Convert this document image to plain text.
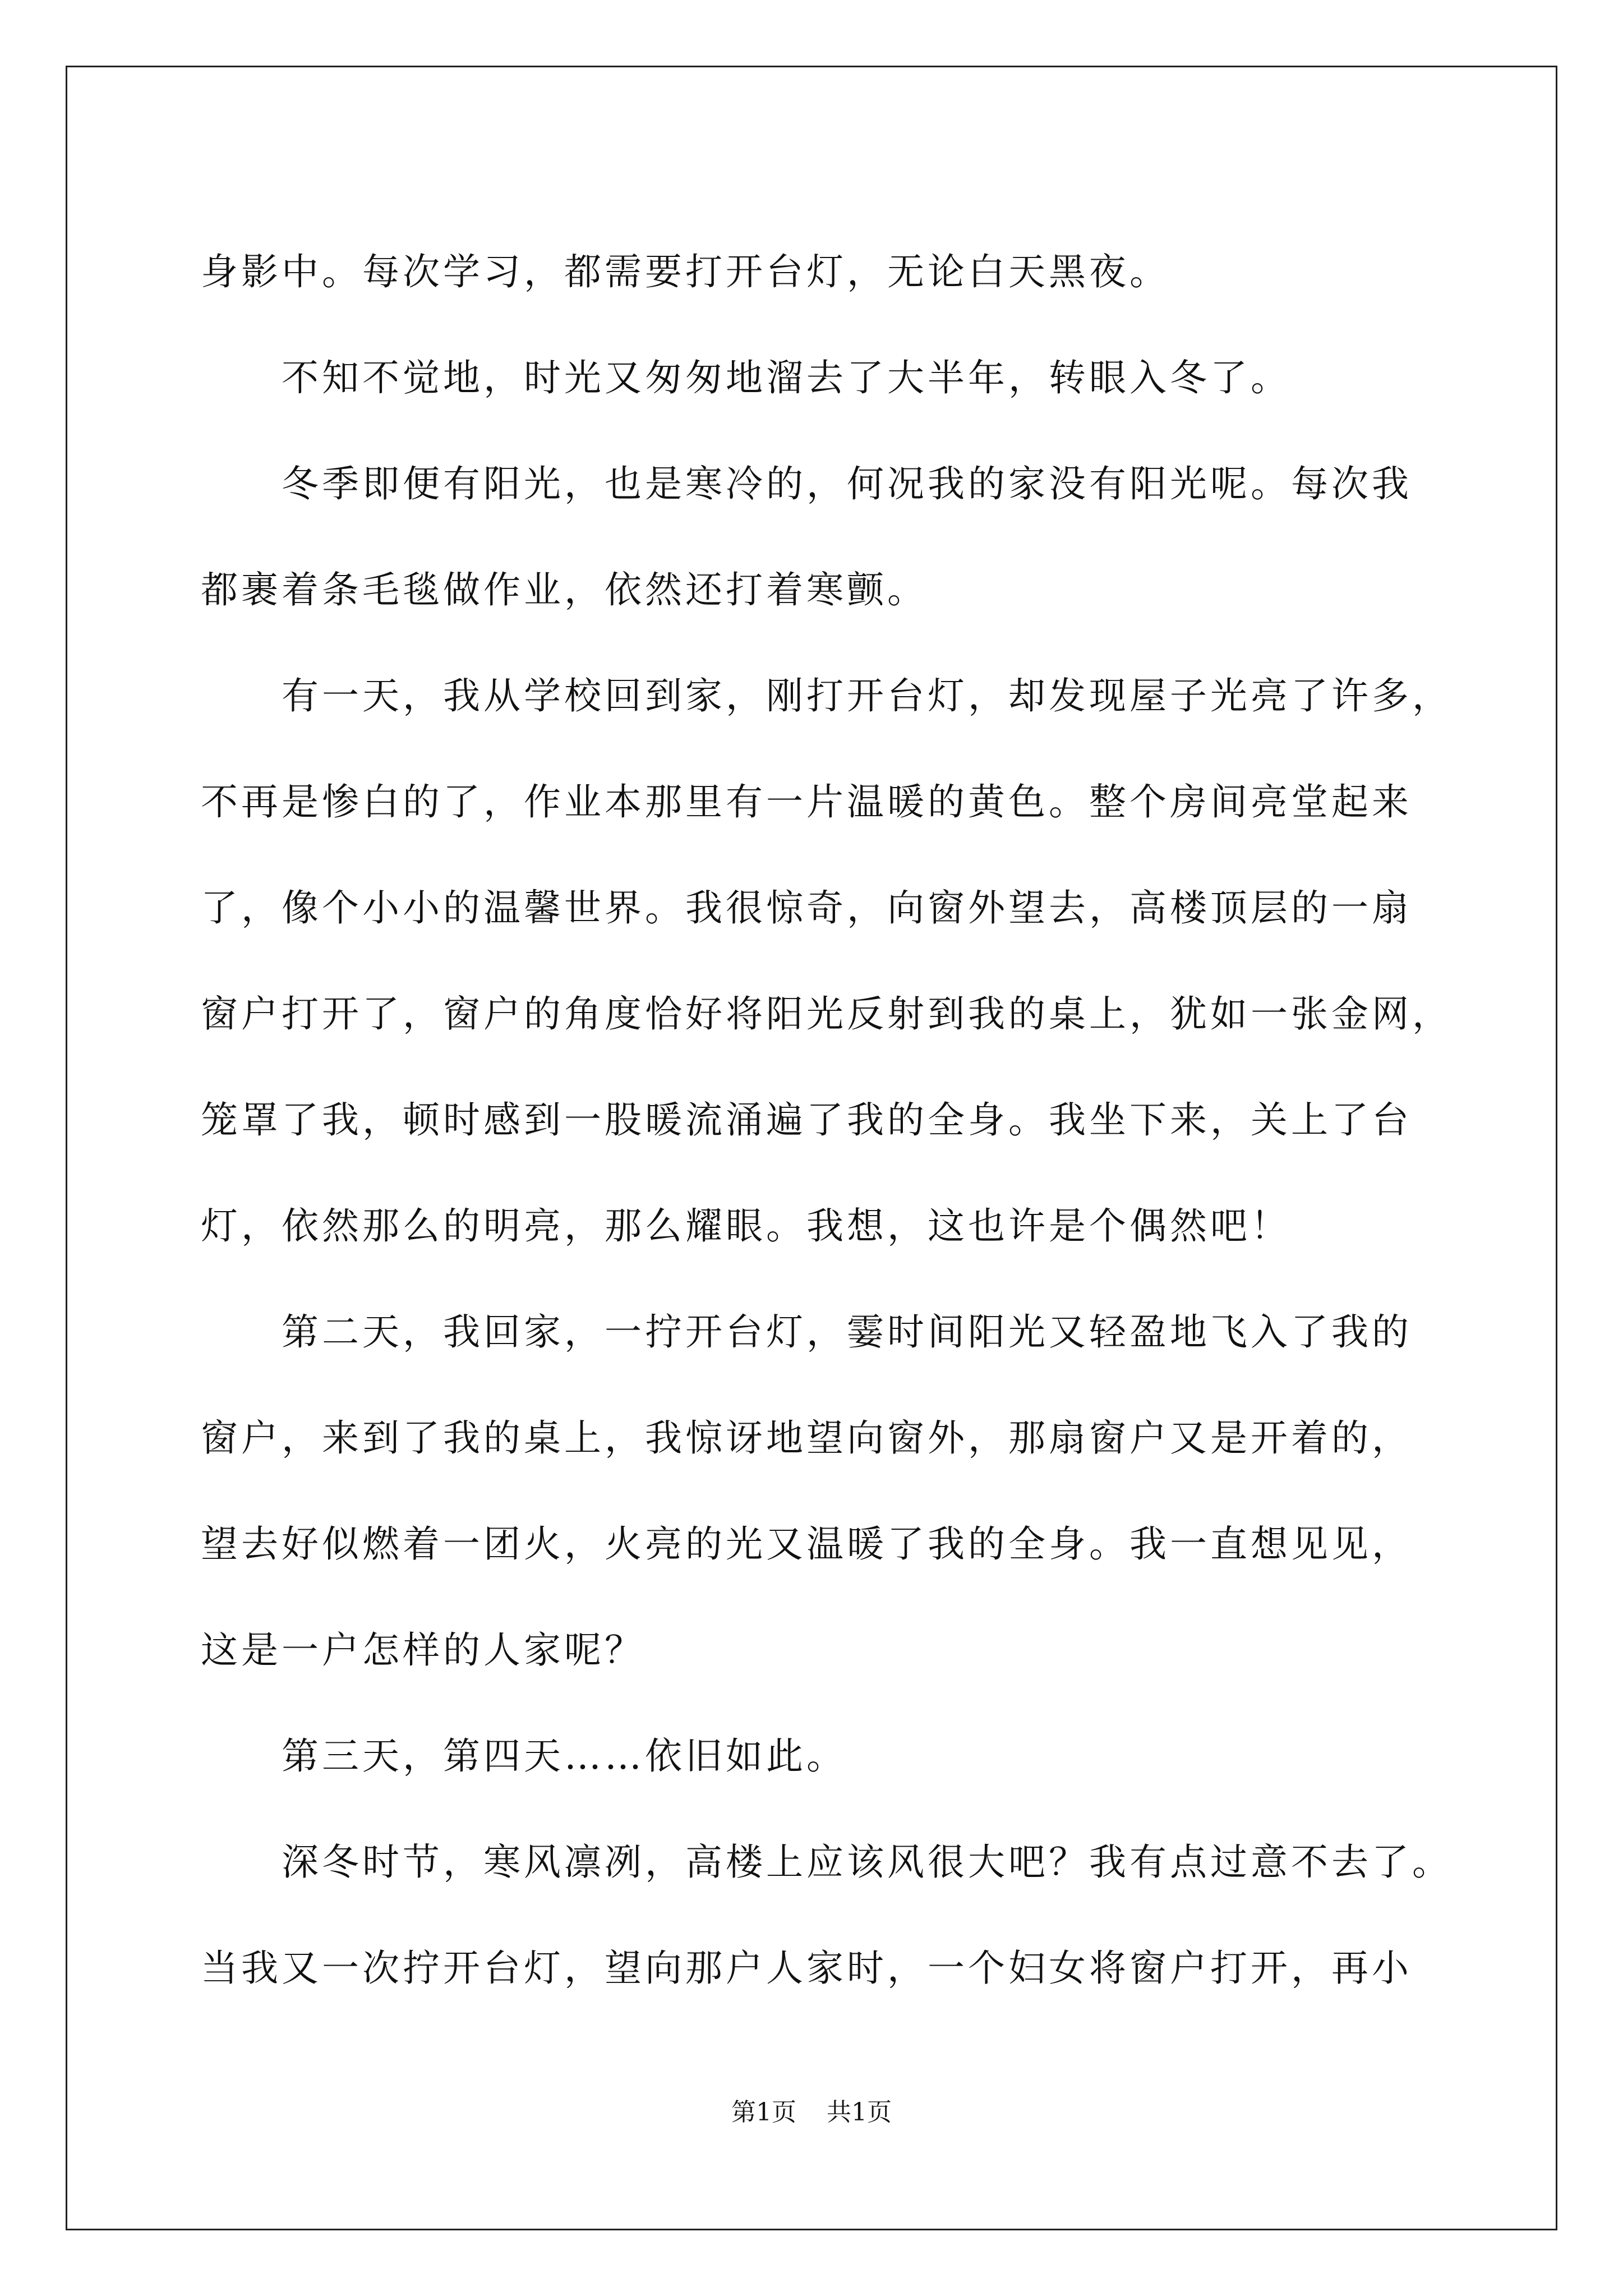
身影中。每次学习，都需要打开台灯，无论白天黑夜。
不知不觉地，时光又匆匆地溜去了大半年，转眼入冬了。
冬季即便有阳光，也是寒冷的，何况我的家没有阳光呢。每次我
都裹着条毛毯做作业，依然还打着寒颤。
有一天，我从学校回到家，刚打开台灯，却发现屋子光亮了许多，
不再是惨白的了，作业本那里有一片温暖的黄色。整个房间亮堂起来
了，像个小小的温馨世界。我很惊奇，向窗外望去，高楼顶层的一扇
窗户打开了，窗户的角度恰好将阳光反射到我的桌上，犹如一张金网，
笼罩了我，顿时感到一股暖流涌遍了我的全身。我坐下来，关上了台
灯，依然那么的明亮，那么耀眼。我想，这也许是个偶然吧！
第二天，我回家，一拧开台灯，霎时间阳光又轻盈地飞入了我的
窗户，来到了我的桌上，我惊讶地望向窗外，那扇窗户又是开着的，
望去好似燃着一团火，火亮的光又温暖了我的全身。我一直想见见，
这是一户怎样的人家呢？
第三天，第四天……依旧如此。
深冬时节，寒风凛冽，高楼上应该风很大吧？我有点过意不去了。
当我又一次拧开台灯，望向那户人家时，一个妇女将窗户打开，再小
第1页 共1页
